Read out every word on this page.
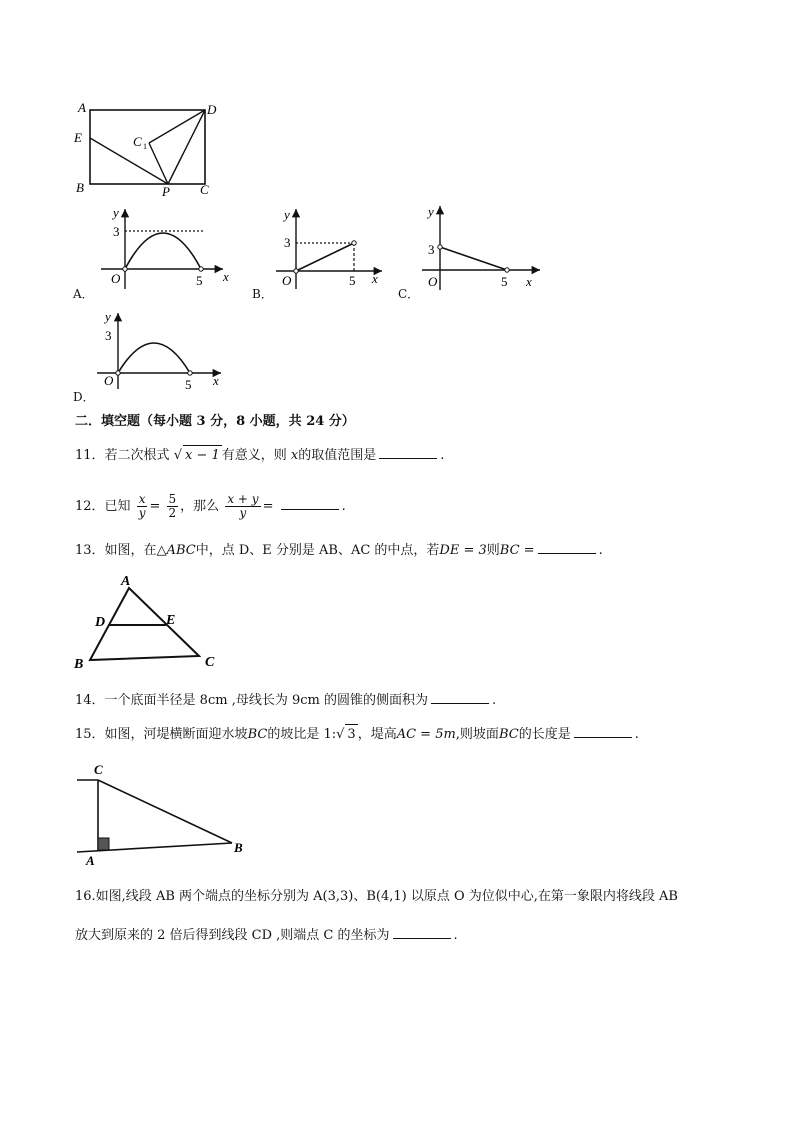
A	D
E	C 1
B	P C
A．
y
x
O
3
5
B．
y
x
O
3
5
C．
y
x
O
3
5
D．
y
x
O
3
5
二．填空题（每小题 3 分，8 小题，共 24 分）
11．若二次根式 √ x − 1 有意义，则 x的取值范围是	.
12．已知 $\frac{x}{y} = \frac{5}{2}$ ，那么 $\frac{x + y}{y}$ =	.
13．如图，在△ABC中，点 D、E 分别是 AB、AC 的中点，若DE = 3则BC =	.
A
D	E
B	C
14．一个底面半径是 8cm ,母线长为 9cm 的圆锥的侧面积为	.
15．如图，河堤横断面迎水坡BC的坡比是 1:√ 3 ，堤高AC = 5m,则坡面BC的长度是	.
C
A
B
16.如图,线段 AB 两个端点的坐标分别为 A(3,3)、B(4,1) 以原点 O 为位似中心,在第一象限内将线段 AB
放大到原来的 2 倍后得到线段 CD ,则端点 C 的坐标为	.
